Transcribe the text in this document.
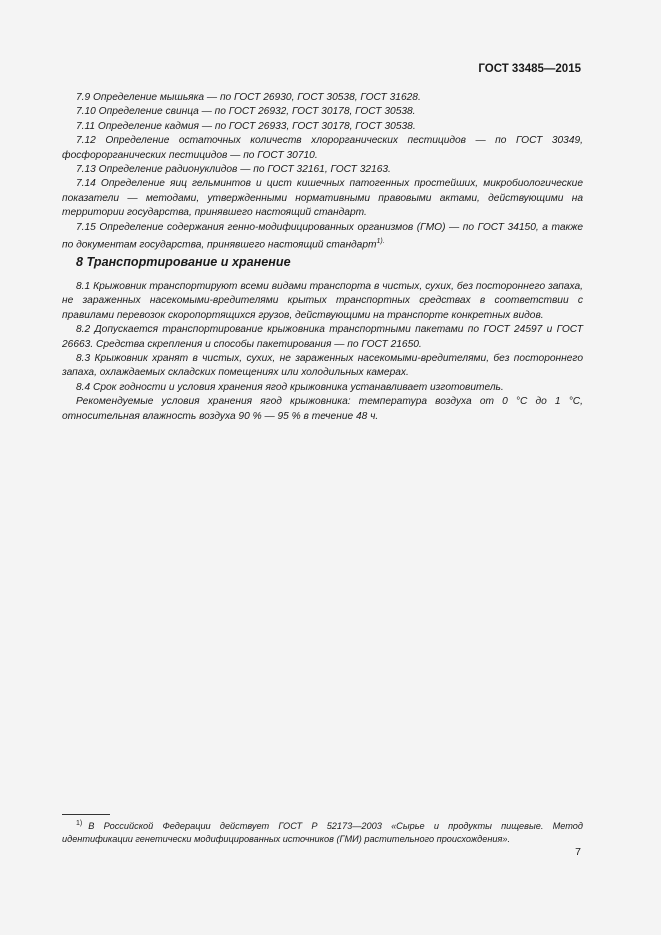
ГОСТ 33485—2015

7.9 Определение мышьяка — по ГОСТ 26930, ГОСТ 30538, ГОСТ 31628.

7.10 Определение свинца — по ГОСТ 26932, ГОСТ 30178, ГОСТ 30538.

7.11 Определение кадмия — по ГОСТ 26933, ГОСТ 30178, ГОСТ 30538.

7.12 Определение остаточных количеств хлорорганических пестицидов — по ГОСТ 30349, фосфорорганических пестицидов — по ГОСТ 30710.

7.13 Определение радионуклидов — по ГОСТ 32161, ГОСТ 32163.

7.14 Определение яиц гельминтов и цист кишечных патогенных простейших, микробиологические показатели — методами, утвержденными нормативными правовыми актами, действующими на территории государства, принявшего настоящий стандарт.

7.15 Определение содержания генно-модифицированных организмов (ГМО) — по ГОСТ 34150, а также по документам государства, принявшего настоящий стандарт$^{1).}$

8 Транспортирование и хранение

8.1 Крыжовник транспортируют всеми видами транспорта в чистых, сухих, без постороннего запаха, не зараженных насекомыми-вредителями крытых транспортных средствах в соответствии с правилами перевозок скоропортящихся грузов, действующими на транспорте конкретных видов.

8.2 Допускается транспортирование крыжовника транспортными пакетами по ГОСТ 24597 и ГОСТ 26663. Средства скрепления и способы пакетирования — по ГОСТ 21650.

8.3 Крыжовник хранят в чистых, сухих, не зараженных насекомыми-вредителями, без постороннего запаха, охлаждаемых складских помещениях или холодильных камерах.

8.4 Срок годности и условия хранения ягод крыжовника устанавливает изготовитель.

Рекомендуемые условия хранения ягод крыжовника: температура воздуха от 0 °С до 1 °С, относительная влажность воздуха 90 % — 95 % в течение 48 ч.

$^{1)}$ В Российской Федерации действует ГОСТ Р 52173—2003 «Сырье и продукты пищевые. Метод идентификации генетически модифицированных источников (ГМИ) растительного происхождения».
7
